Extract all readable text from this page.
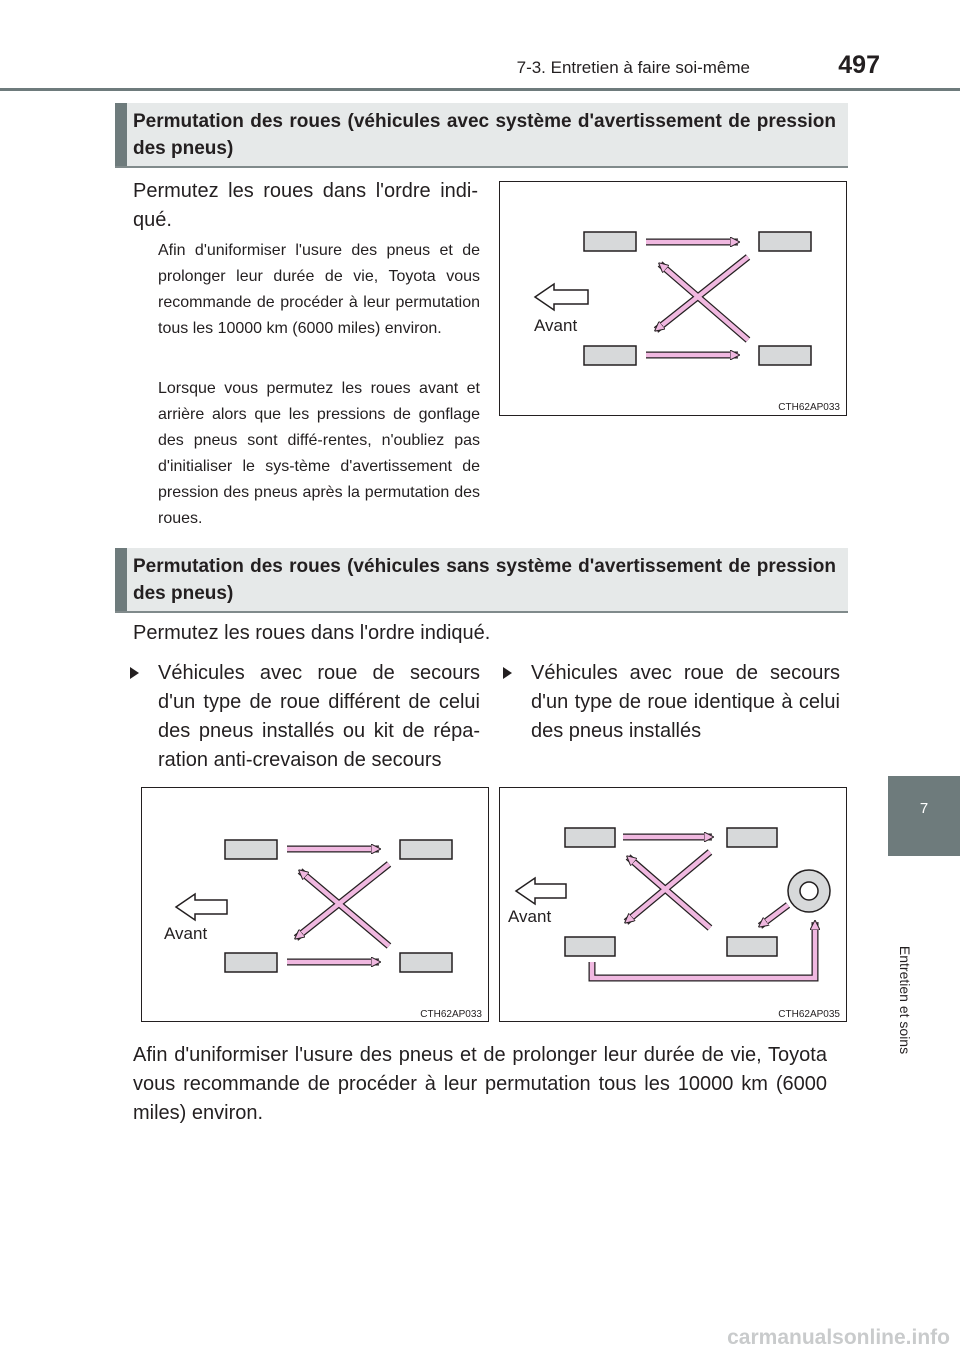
7-3. Entretien à faire soi-même	497
7
Entretien et soins
Permutation des roues (véhicules avec système d'avertissement de pression des pneus)
Permutez les roues dans l'ordre indi-qué.
Afin d'uniformiser l'usure des pneus et de prolonger leur durée de vie, Toyota vous recommande de procéder à leur permutation tous les 10000 km (6000 miles) environ.
Lorsque vous permutez les roues avant et arrière alors que les pressions de gonflage des pneus sont diffé-rentes, n'oubliez pas d'initialiser le sys-tème d'avertissement de pression des pneus après la permutation des roues.
Avant
CTH62AP033
Permutation des roues (véhicules sans système d'avertissement de pression des pneus)
Permutez les roues dans l'ordre indiqué.
Véhicules avec roue de secours d'un type de roue différent de celui des pneus installés ou kit de répa-ration anti-crevaison de secours
Véhicules avec roue de secours d'un type de roue identique à celui des pneus installés
Avant
CTH62AP033
Avant
CTH62AP035
Afin d'uniformiser l'usure des pneus et de prolonger leur durée de vie, Toyota vous recommande de procéder à leur permutation tous les 10000 km (6000 miles) environ.
carmanualsonline.info
